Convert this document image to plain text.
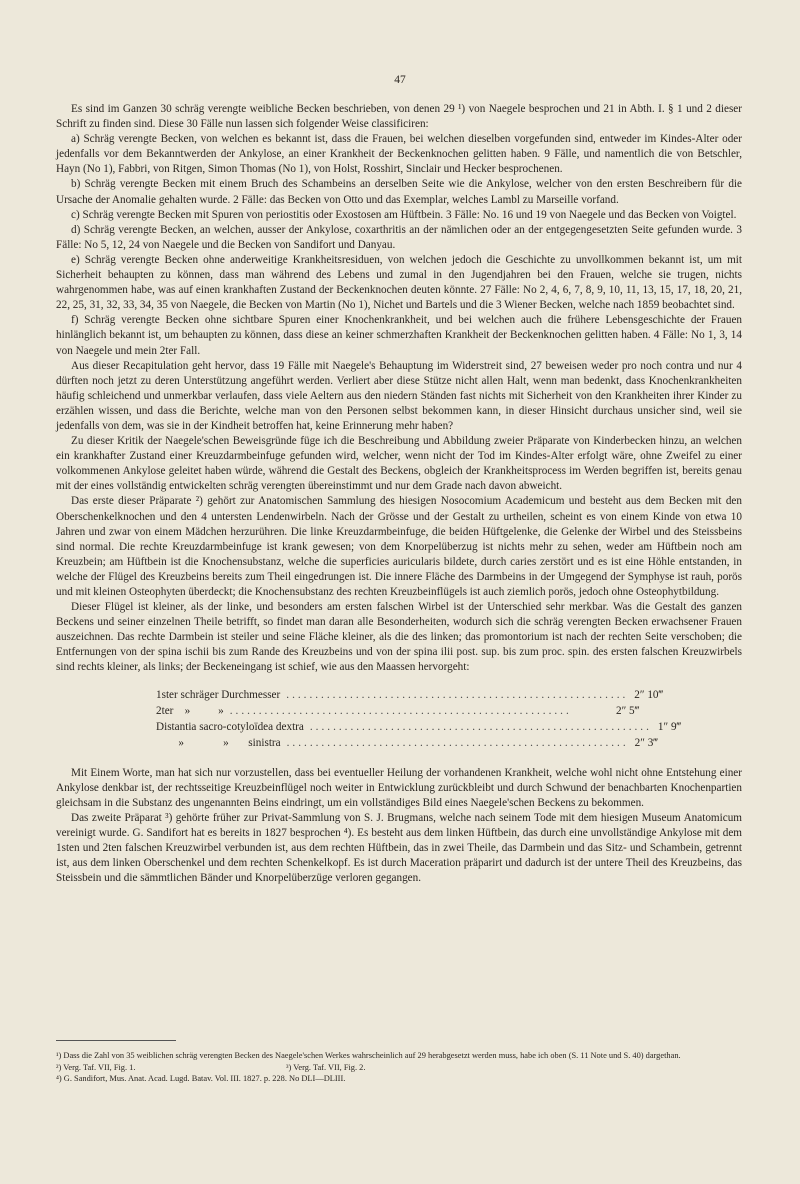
47

Es sind im Ganzen 30 schräg verengte weibliche Becken beschrieben, von denen 29 ¹) von Naegele besprochen und 21 in Abth. I. § 1 und 2 dieser Schrift zu finden sind. Diese 30 Fälle nun lassen sich folgender Weise classificiren:

a) Schräg verengte Becken, von welchen es bekannt ist, dass die Frauen, bei welchen dieselben vorgefunden sind, entweder im Kindes-Alter oder jedenfalls vor dem Bekanntwerden der Ankylose, an einer Krankheit der Beckenknochen gelitten haben. 9 Fälle, und namentlich die von Betschler, Hayn (No 1), Fabbri, von Ritgen, Simon Thomas (No 1), von Holst, Rosshirt, Sinclair und Hecker besprochenen.

b) Schräg verengte Becken mit einem Bruch des Schambeins an derselben Seite wie die Ankylose, welcher von den ersten Beschreibern für die Ursache der Anomalie gehalten wurde. 2 Fälle: das Becken von Otto und das Exemplar, welches Lambl zu Marseille vorfand.

c) Schräg verengte Becken mit Spuren von periostitis oder Exostosen am Hüftbein. 3 Fälle: No. 16 und 19 von Naegele und das Becken von Voigtel.

d) Schräg verengte Becken, an welchen, ausser der Ankylose, coxarthritis an der nämlichen oder an der entgegengesetzten Seite gefunden wurde. 3 Fälle: No 5, 12, 24 von Naegele und die Becken von Sandifort und Danyau.

e) Schräg verengte Becken ohne anderweitige Krankheitsresiduen, von welchen jedoch die Geschichte zu unvollkommen bekannt ist, um mit Sicherheit behaupten zu können, dass man während des Lebens und zumal in den Jugendjahren bei den Frauen, welche sie trugen, nichts wahrgenommen habe, was auf einen krankhaften Zustand der Beckenknochen deuten könnte. 27 Fälle: No 2, 4, 6, 7, 8, 9, 10, 11, 13, 15, 17, 18, 20, 21, 22, 25, 31, 32, 33, 34, 35 von Naegele, die Becken von Martin (No 1), Nichet und Bartels und die 3 Wiener Becken, welche nach 1859 beobachtet sind.

f) Schräg verengte Becken ohne sichtbare Spuren einer Knochenkrankheit, und bei welchen auch die frühere Lebensgeschichte der Frauen hinlänglich bekannt ist, um behaupten zu können, dass diese an keiner schmerzhaften Krankheit der Beckenknochen gelitten haben. 4 Fälle: No 1, 3, 14 von Naegele und mein 2ter Fall.

Aus dieser Recapitulation geht hervor, dass 19 Fälle mit Naegele's Behauptung im Widerstreit sind, 27 beweisen weder pro noch contra und nur 4 dürften noch jetzt zu deren Unterstützung angeführt werden. Verliert aber diese Stütze nicht allen Halt, wenn man bedenkt, dass Knochenkrankheiten häufig schleichend und unmerkbar verlaufen, dass viele Aeltern aus den niedern Ständen fast nichts mit Sicherheit von den Krankheiten ihrer Kinder zu erzählen wissen, und dass die Berichte, welche man von den Personen selbst bekommen kann, in dieser Hinsicht durchaus unsicher sind, weil sie jedenfalls von dem, was sie in der Kindheit betroffen hat, keine Erinnerung mehr haben?

Zu dieser Kritik der Naegele'schen Beweisgründe füge ich die Beschreibung und Abbildung zweier Präparate von Kinderbecken hinzu, an welchen ein krankhafter Zustand einer Kreuzdarmbeinfuge gefunden wird, welcher, wenn nicht der Tod im Kindes-Alter erfolgt wäre, ohne Zweifel zu einer volkommenen Ankylose geleitet haben würde, während die Gestalt des Beckens, obgleich der Krankheitsprocess im Werden begriffen ist, bereits genau mit der eines vollständig entwickelten schräg verengten übereinstimmt und nur dem Grade nach davon abweicht.

Das erste dieser Präparate ²) gehört zur Anatomischen Sammlung des hiesigen Nosocomium Academicum und besteht aus dem Becken mit den Oberschenkelknochen und den 4 untersten Lendenwirbeln. Nach der Grösse und der Gestalt zu urtheilen, scheint es von einem Kinde von etwa 10 Jahren und zwar von einem Mädchen herzurühren. Die linke Kreuzdarmbeinfuge, die beiden Hüftgelenke, die Gelenke der Wirbel und des Steissbeins sind normal. Die rechte Kreuzdarmbeinfuge ist krank gewesen; von dem Knorpelüberzug ist nichts mehr zu sehen, weder am Hüftbein noch am Kreuzbein; am Hüftbein ist die Knochensubstanz, welche die superficies auricularis bildete, durch caries zerstört und es ist eine Höhle entstanden, in welche der Flügel des Kreuzbeins bereits zum Theil eingedrungen ist. Die innere Fläche des Darmbeins in der Umgegend der Symphyse ist rauh, porös und mit kleinen Osteophyten überdeckt; die Knochensubstanz des rechten Kreuzbeinflügels ist auch ziemlich porös, jedoch ohne Osteophytbildung.

Dieser Flügel ist kleiner, als der linke, und besonders am ersten falschen Wirbel ist der Unterschied sehr merkbar. Was die Gestalt des ganzen Beckens und seiner einzelnen Theile betrifft, so findet man daran alle Besonderheiten, wodurch sich die schräg verengten Becken erwachsener Frauen auszeichnen. Das rechte Darmbein ist steiler und seine Fläche kleiner, als die des linken; das promontorium ist nach der rechten Seite verschoben; die Entfernungen von der spina ischii bis zum Rande des Kreuzbeins und von der spina ilii post. sup. bis zum proc. spin. des ersten falschen Kreuzwirbels sind rechts kleiner, als links; der Beckeneingang ist schief, wie aus den Maassen hervorgeht:

1ster schräger Durchmesser ........................................................... 2″ 10‴
2ter    »          » ...........................................................	2″ 5‴
Distantia sacro-cotyloïdea dextra ........................................................... 1″ 9‴
»              »       sinistra ........................................................... 2″ 3‴

Mit Einem Worte, man hat sich nur vorzustellen, dass bei eventueller Heilung der vorhandenen Krankheit, welche wohl nicht ohne Entstehung einer Ankylose denkbar ist, der rechtsseitige Kreuzbeinflügel noch weiter in Entwicklung zurückbleibt und durch Schwund der benachbarten Knochenpartien gleichsam in die Substanz des ungenannten Beins eindringt, um ein vollständiges Bild eines Naegele'schen Beckens zu bekommen.

Das zweite Präparat ³) gehörte früher zur Privat-Sammlung von S. J. Brugmans, welche nach seinem Tode mit dem hiesigen Museum Anatomicum vereinigt wurde. G. Sandifort hat es bereits in 1827 besprochen ⁴). Es besteht aus dem linken Hüftbein, das durch eine unvollständige Ankylose mit dem 1sten und 2ten falschen Kreuzwirbel verbunden ist, aus dem rechten Hüftbein, das in zwei Theile, das Darmbein und das Sitz- und Schambein, getrennt ist, aus dem linken Oberschenkel und dem rechten Schenkelkopf. Es ist durch Maceration präparirt und dadurch ist der untere Theil des Kreuzbeins, das Steissbein und die sämmtlichen Bänder und Knorpelüberzüge verloren gegangen.

¹) Dass die Zahl von 35 weiblichen schräg verengten Becken des Naegele'schen Werkes wahrscheinlich auf 29 herabgesetzt werden muss, habe ich oben (S. 11 Note und S. 40) dargethan.

²) Verg. Taf. VII, Fig. 1.	³) Verg. Taf. VII, Fig. 2.

⁴) G. Sandifort, Mus. Anat. Acad. Lugd. Batav. Vol. III. 1827. p. 228. No DLI—DLIII.
